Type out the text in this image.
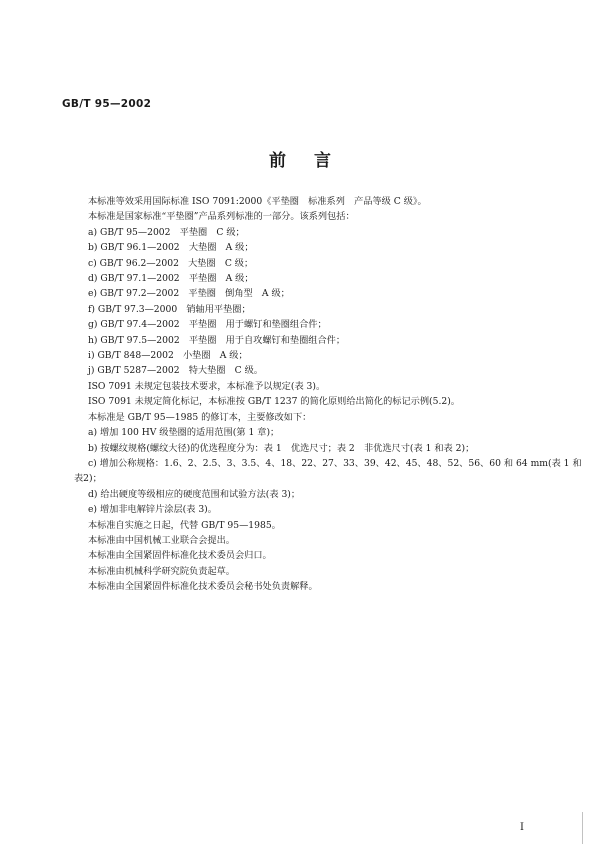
GB/T 95—2002
前言
本标准等效采用国际标准 ISO 7091:2000《平垫圈　标准系列　产品等级 C 级》。
本标准是国家标准“平垫圈”产品系列标准的一部分。该系列包括：
a) GB/T 95—2002　平垫圈　C 级；
b) GB/T 96.1—2002　大垫圈　A 级；
c) GB/T 96.2—2002　大垫圈　C 级；
d) GB/T 97.1—2002　平垫圈　A 级；
e) GB/T 97.2—2002　平垫圈　倒角型　A 级；
f) GB/T 97.3—2000　销轴用平垫圈；
g) GB/T 97.4—2002　平垫圈　用于螺钉和垫圈组合件；
h) GB/T 97.5—2002　平垫圈　用于自攻螺钉和垫圈组合件；
i) GB/T 848—2002　小垫圈　A 级；
j) GB/T 5287—2002　特大垫圈　C 级。
ISO 7091 未规定包装技术要求，本标准予以规定(表 3)。
ISO 7091 未规定简化标记，本标准按 GB/T 1237 的简化原则给出简化的标记示例(5.2)。
本标准是 GB/T 95—1985 的修订本，主要修改如下：
a) 增加 100 HV 级垫圈的适用范围(第 1 章)；
b) 按螺纹规格(螺纹大径)的优选程度分为：表 1　优选尺寸；表 2　非优选尺寸(表 1 和表 2)；
c) 增加公称规格：1.6、2、2.5、3、3.5、4、18、22、27、33、39、42、45、48、52、56、60 和 64 mm(表 1 和
表2)；
d) 给出硬度等级相应的硬度范围和试验方法(表 3)；
e) 增加非电解锌片涂层(表 3)。
本标准自实施之日起，代替 GB/T 95—1985。
本标准由中国机械工业联合会提出。
本标准由全国紧固件标准化技术委员会归口。
本标准由机械科学研究院负责起草。
本标准由全国紧固件标准化技术委员会秘书处负责解释。
I
